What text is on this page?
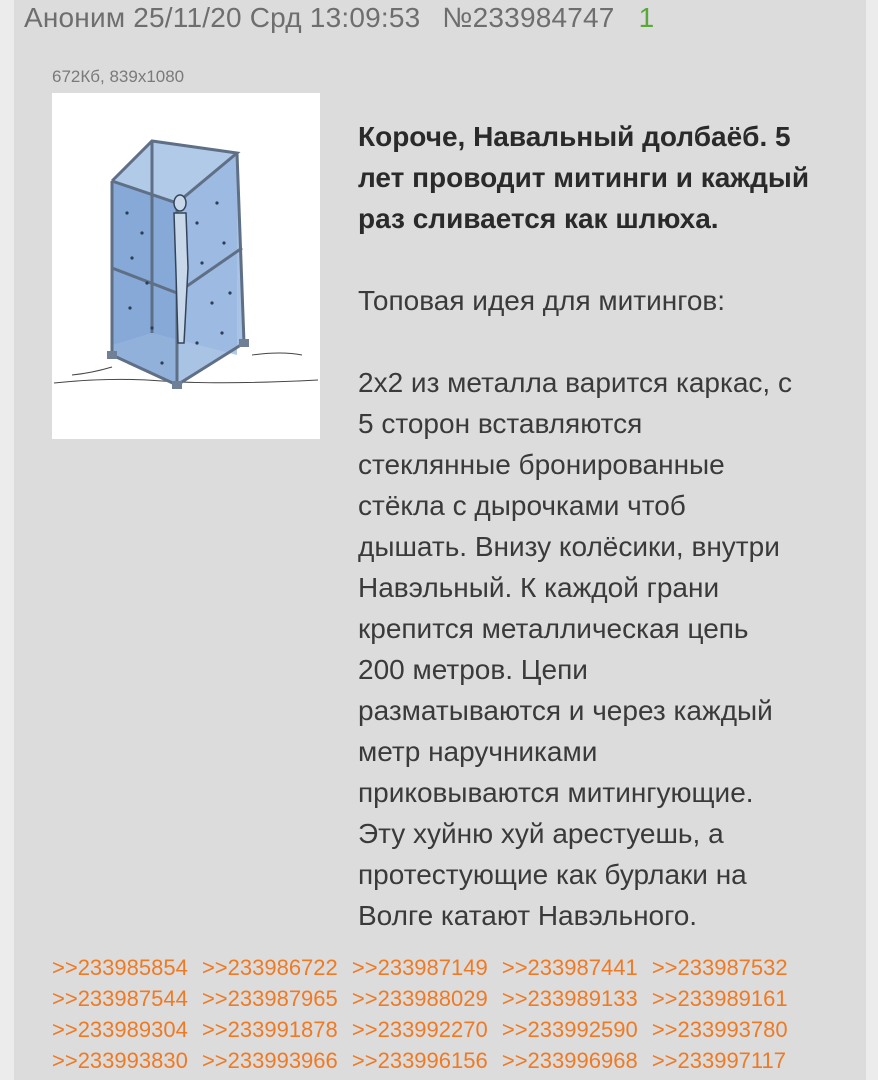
Аноним 25/11/20 Срд 13:09:53 №233984747 1
672Кб, 839x1080

Короче, Навальный долбаёб. 5

лет проводит митинги и каждый

раз сливается как шлюха.

Топовая идея для митингов:

2х2 из металла варится каркас, с

5 сторон вставляются

стеклянные бронированные

стёкла с дырочками чтоб

дышать. Внизу колёсики, внутри

Навэльный. К каждой грани

крепится металлическая цепь

200 метров. Цепи

разматываются и через каждый

метр наручниками

приковываются митингующие.

Эту хуйню хуй арестуешь, а

протестующие как бурлаки на

Волге катают Навэльного.

>>233985854 >>233986722 >>233987149 >>233987441 >>233987532
>>233987544 >>233987965 >>233988029 >>233989133 >>233989161
>>233989304 >>233991878 >>233992270 >>233992590 >>233993780
>>233993830 >>233993966 >>233996156 >>233996968 >>233997117
